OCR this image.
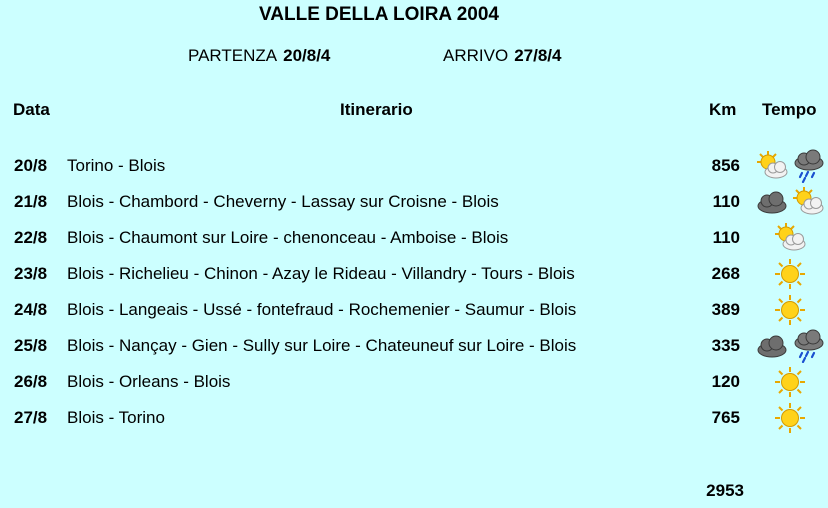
VALLE DELLA LOIRA 2004
PARTENZA 20/8/4	ARRIVO 27/8/4
Data	Itinerario	Km Tempo
20/8 Torino - Blois	856
21/8 Blois - Chambord - Cheverny - Lassay sur Croisne - Blois	110
22/8 Blois - Chaumont sur Loire - chenonceau - Amboise - Blois	110
23/8 Blois - Richelieu - Chinon - Azay le Rideau - Villandry - Tours - Blois	268
24/8 Blois - Langeais - Ussé - fontefraud - Rochemenier - Saumur - Blois	389
25/8 Blois - Nançay - Gien - Sully sur Loire - Chateuneuf sur Loire - Blois	335
26/8 Blois - Orleans - Blois	120
27/8 Blois - Torino	765
2953
